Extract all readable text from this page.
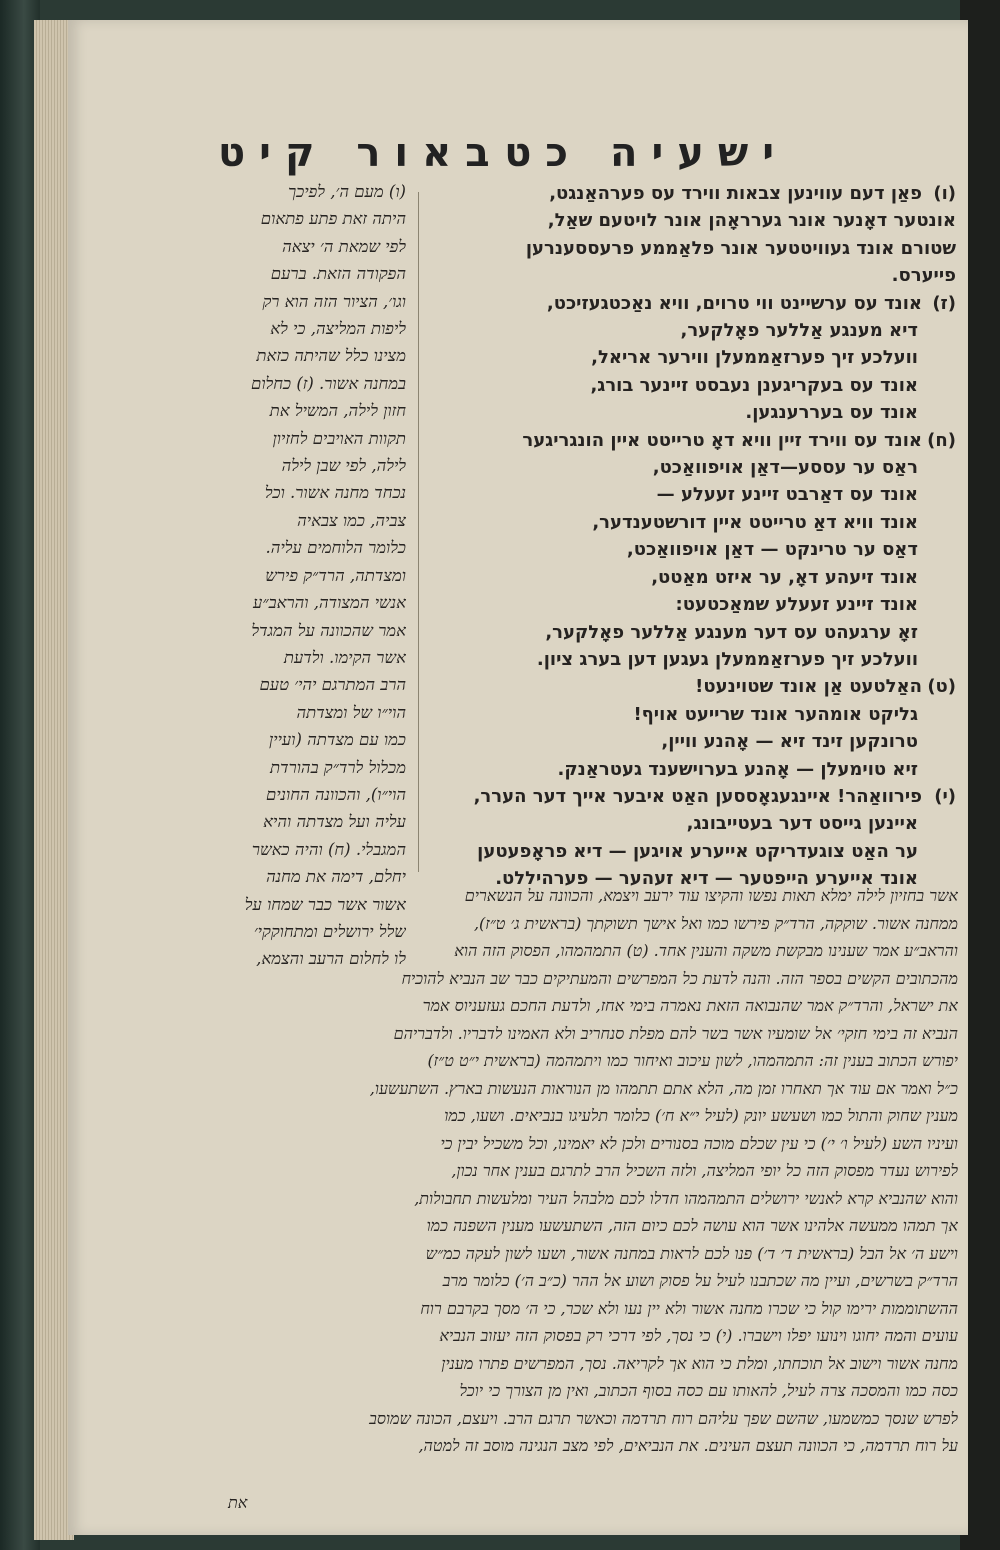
ישעיה כט
באור קיט
(ו)פאַן דעם עווינען צבאות ווירד עס פערהאַנגט,
אונטער דאָנער אונר גערראָהן אונר לויטעם שאַל,
שטורם אונד געוויטטער אונר פלאַממע פרעססענרען
פייערס.
(ז)אונד עס ערשיינט ווי טרוים, וויא נאַכטגעזיכט,
דיא מענגע אַללער פאָלקער,
וועלכע זיך פערזאַממעלן ווירער אריאל,
אונד עס בעקריגענן נעבסט זיינער בורג,
אונד עס בעררענגען.
(ח)אונד עס ווירד זיין וויא דאָ טרייטט איין הונגריגער
ראַס ער עססע—דאַן אויפוואַכט,
אונד עס דאַרבט זיינע זעעלע —
אונד וויא דאַ טרייטט איין דורשטענדער,
דאַס ער טרינקט — דאַן אויפוואַכט,
אונד זיעהע דאָ, ער איזט מאַטט,
אונד זיינע זעעלע שמאַכטעט:
זאָ ערגעהט עס דער מענגע אַללער פאָלקער,
וועלכע זיך פערזאַממעלן געגען דען בערג ציון.
(ט)האַלטעט אַן אונד שטוינעט!
גליקט אומהער אונד שרייעט אויף!
טרונקען זינד זיא — אָהנע וויין,
זיא טוימעלן — אָהנע בערוישענד געטראַנק.
(י)פירוואַהר! איינגעגאָססען האַט איבער אייך דער הערר,
איינען גייסט דער בעטייבונג,
ער האַט צוגעדריקט אייערע אויגען — דיא פראָפעטען
אונד אייערע הייפטער — דיא זעהער — פערהיללט.
(ו) מעם ה׳, לפיכך
היתה זאת פתע פתאום
לפי שמאת ה׳ יצאה
הפקודה הזאת. ברעם
וגו׳, הציור הזה הוא רק
ליפות המליצה, כי לא
מצינו כלל שהיתה כזאת
במחנה אשור. (ז) כחלום
חזון לילה, המשיל את
תקוות האויבים לחזיון
לילה, לפי שבן לילה
נכחד מחנה אשור. וכל
צביה, כמו צבאיה
כלומר הלוחמים עליה.
ומצדתה, הרד״ק פירש
אנשי המצודה, והראב״ע
אמר שהכוונה על המגדל
אשר הקימו. ולדעת
הרב המתרגם יהי׳ טעם
הוי״ו של ומצדתה
כמו עם מצדתה (ועיין
מכלול לרד״ק בהורדת
הוי״ו), והכוונה החונים
עליה ועל מצדתה והיא
המגבלי. (ח) והיה כאשר
יחלם, דימה את מחנה
אשור אשר כבר שמחו על
שלל ירושלים ומתחוקקי׳
לו לחלום הרעב והצמא,
אשר בחזיון לילה ימלא תאות נפשו והקיצו עוד ירעב ויצמא, והכוונה על הנשארים
ממחנה אשור. שוקקה, הרד״ק פירשו כמו ואל אישך תשוקתך (בראשית ג׳ ט״ז),
והראב״ע אמר שענינו מבקשת משקה והענין אחד. (ט) התמהמהו, הפסוק הזה הוא
מהכתובים הקשים בספר הזה. והנה לדעת כל המפרשים והמעתיקים כבר שב הנביא להוכיח
את ישראל, והרד״ק אמר שהנבואה הזאת נאמרה בימי אחז, ולדעת החכם געזעניוס אמר
הנביא זה בימי חזקי׳ אל שומעיו אשר בשר להם מפלת סנחריב ולא האמינו לדבריו. ולדבריהם
יפורש הכתוב בענין זה: התמהמהו, לשון עיכוב ואיחור כמו ויתמהמה (בראשית י״ט ט״ז)
כ״ל ואמר אם עוד אך תאחרו זמן מה, הלא אתם תתמהו מן הנוראות הנעשות בארץ. השתעשעו,
מענין שחוק והתול כמו ושעשע יונק (לעיל י״א ח׳) כלומר תלעיגו בנביאים. ושעו, כמו
ועיניו השע (לעיל ו׳ י׳) כי עין שכלם מוכה בסנורים ולכן לא יאמינו, וכל משכיל יבין כי
לפירוש נעדר מפסוק הזה כל יופי המליצה, ולזה השכיל הרב לתרגם בענין אחר נכון,
והוא שהנביא קרא לאנשי ירושלים התמהמהו חדלו לכם מלבהל העיר ומלעשות תחבולות,
אך תמהו ממעשה אלהינו אשר הוא עושה לכם כיום הזה, השתעשעו מענין השפנה כמו
וישע ה׳ אל הבל (בראשית ד׳ ד׳) פנו לכם לראות במחנה אשור, ושעו לשון לעקה כמ״ש
הרד״ק בשרשים, ועיין מה שכתבנו לעיל על פסוק ושוע אל ההר (כ״ב ה׳) כלומר מרב
ההשתוממות ירימו קול כי שכרו מחנה אשור ולא יין נעו ולא שכר, כי ה׳ מסך בקרבם רוח
עועים והמה יחוגו וינועו יפלו וישברו. (י) כי נסך, לפי דרכי רק בפסוק הזה יעזוב הנביא
מחנה אשור וישוב אל תוכחתו, ומלת כי הוא אך לקריאה. נסך, המפרשים פתרו מענין
כסה כמו והמסכה צרה לעיל, להאותו עם כסה בסוף הכתוב, ואין מן הצורך כי יוכל
לפרש שנסך כמשמעו, שהשם שפך עליהם רוח תרדמה וכאשר תרגם הרב. ויעצם, הכונה שמוסב
על רוח תרדמה, כי הכוונה תעצם העינים. את הנביאים, לפי מצב הנגינה מוסב זה למטה,
את
